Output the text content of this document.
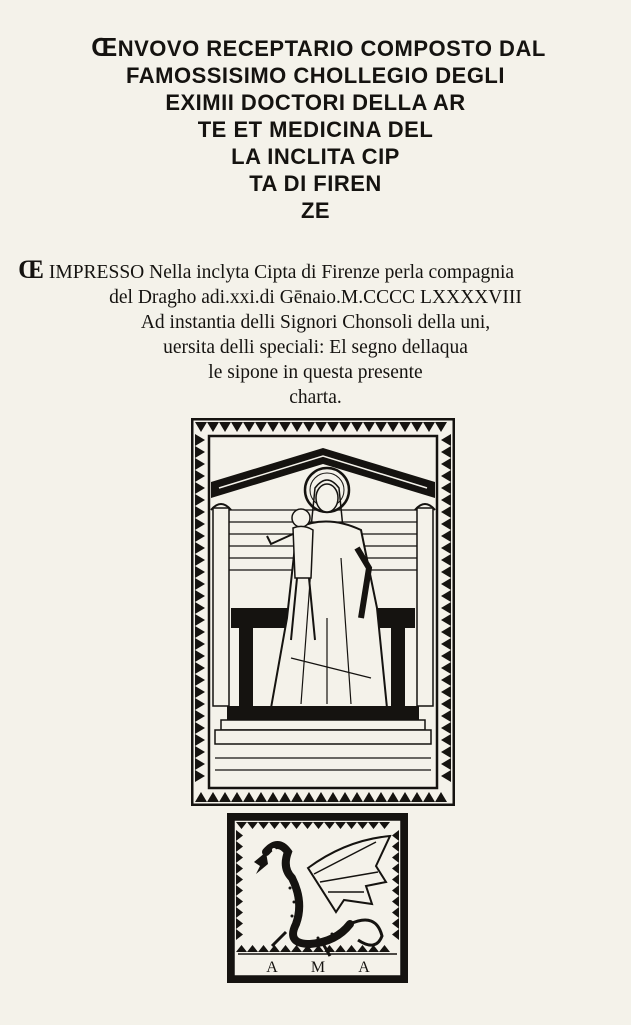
ŒNVOVO RECEPTARIO COMPOSTO DAL
FAMOSSISIMO CHOLLEGIO DEGLI
EXIMII DOCTORI DELLA AR
TE ET MEDICINA DEL
LA INCLITA CIP
TA DI FIREN
ZE
Œ IMPRESSO Nella inclyta Cipta di Firenze perla compagnia
del Dragho adi.xxi.di Gēnaio.M.CCCC LXXXXVIII
Ad instantia delli Signori Chonsoli della uni,
uersita delli speciali: El segno dellaqua
le sipone in questa presente
charta.
A M A
